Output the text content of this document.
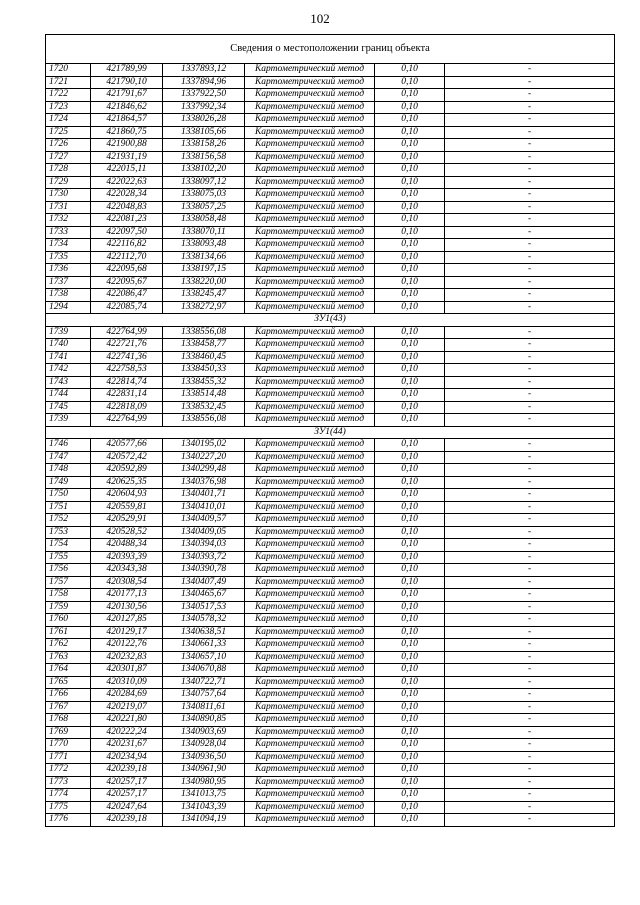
102
Сведения о местоположении границ объекта					
1720	421789,99	1337893,12	Картометрический метод	0,10	-
1721	421790,10	1337894,96	Картометрический метод	0,10	-
1722	421791,67	1337922,50	Картометрический метод	0,10	-
1723	421846,62	1337992,34	Картометрический метод	0,10	-
1724	421864,57	1338026,28	Картометрический метод	0,10	-
1725	421860,75	1338105,66	Картометрический метод	0,10	-
1726	421900,88	1338158,26	Картометрический метод	0,10	-
1727	421931,19	1338156,58	Картометрический метод	0,10	-
1728	422015,11	1338102,20	Картометрический метод	0,10	-
1729	422022,63	1338097,12	Картометрический метод	0,10	-
1730	422028,34	1338075,03	Картометрический метод	0,10	-
1731	422048,83	1338057,25	Картометрический метод	0,10	-
1732	422081,23	1338058,48	Картометрический метод	0,10	-
1733	422097,50	1338070,11	Картометрический метод	0,10	-
1734	422116,82	1338093,48	Картометрический метод	0,10	-
1735	422112,70	1338134,66	Картометрический метод	0,10	-
1736	422095,68	1338197,15	Картометрический метод	0,10	-
1737	422095,67	1338220,00	Картометрический метод	0,10	-
1738	422086,47	1338245,47	Картометрический метод	0,10	-
1294	422085,74	1338272,97	Картометрический метод	0,10	-
ЗУ1(43)					
1739	422764,99	1338556,08	Картометрический метод	0,10	-
1740	422721,76	1338458,77	Картометрический метод	0,10	-
1741	422741,36	1338460,45	Картометрический метод	0,10	-
1742	422758,53	1338450,33	Картометрический метод	0,10	-
1743	422814,74	1338455,32	Картометрический метод	0,10	-
1744	422831,14	1338514,48	Картометрический метод	0,10	-
1745	422818,09	1338532,45	Картометрический метод	0,10	-
1739	422764,99	1338556,08	Картометрический метод	0,10	-
ЗУ1(44)					
1746	420577,66	1340195,02	Картометрический метод	0,10	-
1747	420572,42	1340227,20	Картометрический метод	0,10	-
1748	420592,89	1340299,48	Картометрический метод	0,10	-
1749	420625,35	1340376,98	Картометрический метод	0,10	-
1750	420604,93	1340401,71	Картометрический метод	0,10	-
1751	420559,81	1340410,01	Картометрический метод	0,10	-
1752	420529,91	1340409,57	Картометрический метод	0,10	-
1753	420528,52	1340409,05	Картометрический метод	0,10	-
1754	420488,34	1340394,03	Картометрический метод	0,10	-
1755	420393,39	1340393,72	Картометрический метод	0,10	-
1756	420343,38	1340390,78	Картометрический метод	0,10	-
1757	420308,54	1340407,49	Картометрический метод	0,10	-
1758	420177,13	1340465,67	Картометрический метод	0,10	-
1759	420130,56	1340517,53	Картометрический метод	0,10	-
1760	420127,85	1340578,32	Картометрический метод	0,10	-
1761	420129,17	1340638,51	Картометрический метод	0,10	-
1762	420122,76	1340661,33	Картометрический метод	0,10	-
1763	420232,83	1340657,10	Картометрический метод	0,10	-
1764	420301,87	1340670,88	Картометрический метод	0,10	-
1765	420310,09	1340722,71	Картометрический метод	0,10	-
1766	420284,69	1340757,64	Картометрический метод	0,10	-
1767	420219,07	1340811,61	Картометрический метод	0,10	-
1768	420221,80	1340890,85	Картометрический метод	0,10	-
1769	420222,24	1340903,69	Картометрический метод	0,10	-
1770	420231,67	1340928,04	Картометрический метод	0,10	-
1771	420234,94	1340936,50	Картометрический метод	0,10	-
1772	420239,18	1340961,90	Картометрический метод	0,10	-
1773	420257,17	1340980,95	Картометрический метод	0,10	-
1774	420257,17	1341013,75	Картометрический метод	0,10	-
1775	420247,64	1341043,39	Картометрический метод	0,10	-
1776	420239,18	1341094,19	Картометрический метод	0,10	-
